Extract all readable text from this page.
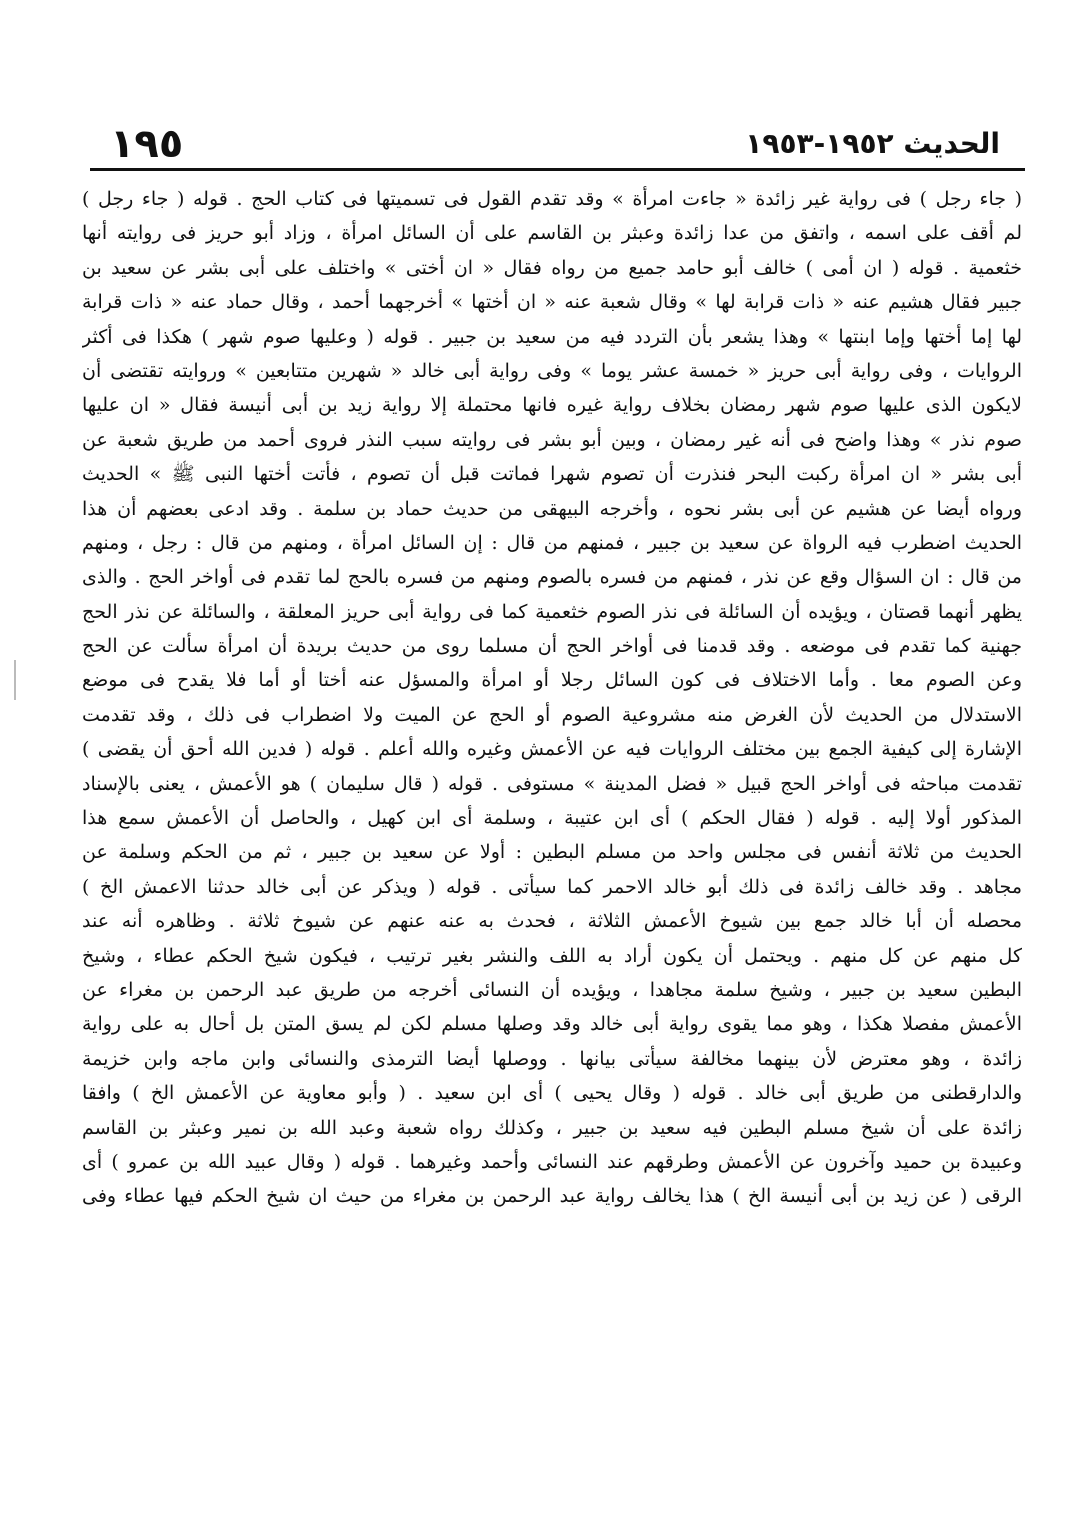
١٩٥	الحديث ١٩٥٢-١٩٥٣
( جاء رجل ) فى رواية غير زائدة « جاءت امرأة » وقد تقدم القول فى تسميتها فى كتاب الحج . قوله ( جاء رجل )
لم أقف على اسمه ، واتفق من عدا زائدة وعبثر بن القاسم على أن السائل امرأة ، وزاد أبو حريز فى روايته أنها
خثعمية . قوله ( ان أمى ) خالف أبو حامد جميع من رواه فقال « ان أختى » واختلف على أبى بشر عن سعيد بن
جبير فقال هشيم عنه « ذات قرابة لها » وقال شعبة عنه « ان أختها » أخرجهما أحمد ، وقال حماد عنه « ذات قرابة
لها إما أختها وإما ابنتها » وهذا يشعر بأن التردد فيه من سعيد بن جبير . قوله ( وعليها صوم شهر ) هكذا فى أكثر
الروايات ، وفى رواية أبى حريز « خمسة عشر يوما » وفى رواية أبى خالد « شهرين متتابعين » وروايته تقتضى أن
لايكون الذى عليها صوم شهر رمضان بخلاف رواية غيره فانها محتملة إلا رواية زيد بن أبى أنيسة فقال « ان عليها
صوم نذر » وهذا واضح فى أنه غير رمضان ، وبين أبو بشر فى روايته سبب النذر فروى أحمد من طريق شعبة عن
أبى بشر « ان امرأة ركبت البحر فنذرت أن تصوم شهرا فماتت قبل أن تصوم ، فأتت أختها النبى ﷺ » الحديث
ورواه أيضا عن هشيم عن أبى بشر نحوه ، وأخرجه البيهقى من حديث حماد بن سلمة . وقد ادعى بعضهم أن هذا
الحديث اضطرب فيه الرواة عن سعيد بن جبير ، فمنهم من قال : إن السائل امرأة ، ومنهم من قال : رجل ، ومنهم
من قال : ان السؤال وقع عن نذر ، فمنهم من فسره بالصوم ومنهم من فسره بالحج لما تقدم فى أواخر الحج . والذى
يظهر أنهما قصتان ، ويؤيده أن السائلة فى نذر الصوم خثعمية كما فى رواية أبى حريز المعلقة ، والسائلة عن نذر الحج
جهنية كما تقدم فى موضعه . وقد قدمنا فى أواخر الحج أن مسلما روى من حديث بريدة أن امرأة سألت عن الحج
وعن الصوم معا . وأما الاختلاف فى كون السائل رجلا أو امرأة والمسؤل عنه أختا أو أما فلا يقدح فى موضع
الاستدلال من الحديث لأن الغرض منه مشروعية الصوم أو الحج عن الميت ولا اضطراب فى ذلك ، وقد تقدمت
الإشارة إلى كيفية الجمع بين مختلف الروايات فيه عن الأعمش وغيره والله أعلم . قوله ( فدين الله أحق أن يقضى )
تقدمت مباحثه فى أواخر الحج قبيل « فضل المدينة » مستوفى . قوله ( قال سليمان ) هو الأعمش ، يعنى بالإسناد
المذكور أولا إليه . قوله ( فقال الحكم ) أى ابن عتيبة ، وسلمة أى ابن كهيل ، والحاصل أن الأعمش سمع هذا
الحديث من ثلاثة أنفس فى مجلس واحد من مسلم البطين : أولا عن سعيد بن جبير ، ثم من الحكم وسلمة عن
مجاهد . وقد خالف زائدة فى ذلك أبو خالد الاحمر كما سيأتى . قوله ( ويذكر عن أبى خالد حدثنا الاعمش الخ )
محصله أن أبا خالد جمع بين شيوخ الأعمش الثلاثة ، فحدث به عنه عنهم عن شيوخ ثلاثة . وظاهره أنه عند
كل منهم عن كل منهم . ويحتمل أن يكون أراد به اللف والنشر بغير ترتيب ، فيكون شيخ الحكم عطاء ، وشيخ
البطين سعيد بن جبير ، وشيخ سلمة مجاهدا ، ويؤيده أن النسائى أخرجه من طريق عبد الرحمن بن مغراء عن
الأعمش مفصلا هكذا ، وهو مما يقوى رواية أبى خالد وقد وصلها مسلم لكن لم يسق المتن بل أحال به على رواية
زائدة ، وهو معترض لأن بينهما مخالفة سيأتى بيانها . ووصلها أيضا الترمذى والنسائى وابن ماجه وابن خزيمة
والدارقطنى من طريق أبى خالد . قوله ( وقال يحيى ) أى ابن سعيد . ( وأبو معاوية عن الأعمش الخ ) وافقا
زائدة على أن شيخ مسلم البطين فيه سعيد بن جبير ، وكذلك رواه شعبة وعبد الله بن نمير وعبثر بن القاسم
وعبيدة بن حميد وآخرون عن الأعمش وطرقهم عند النسائى وأحمد وغيرهما . قوله ( وقال عبيد الله بن عمرو ) أى
الرقى ( عن زيد بن أبى أنيسة الخ ) هذا يخالف رواية عبد الرحمن بن مغراء من حيث ان شيخ الحكم فيها عطاء وفى
